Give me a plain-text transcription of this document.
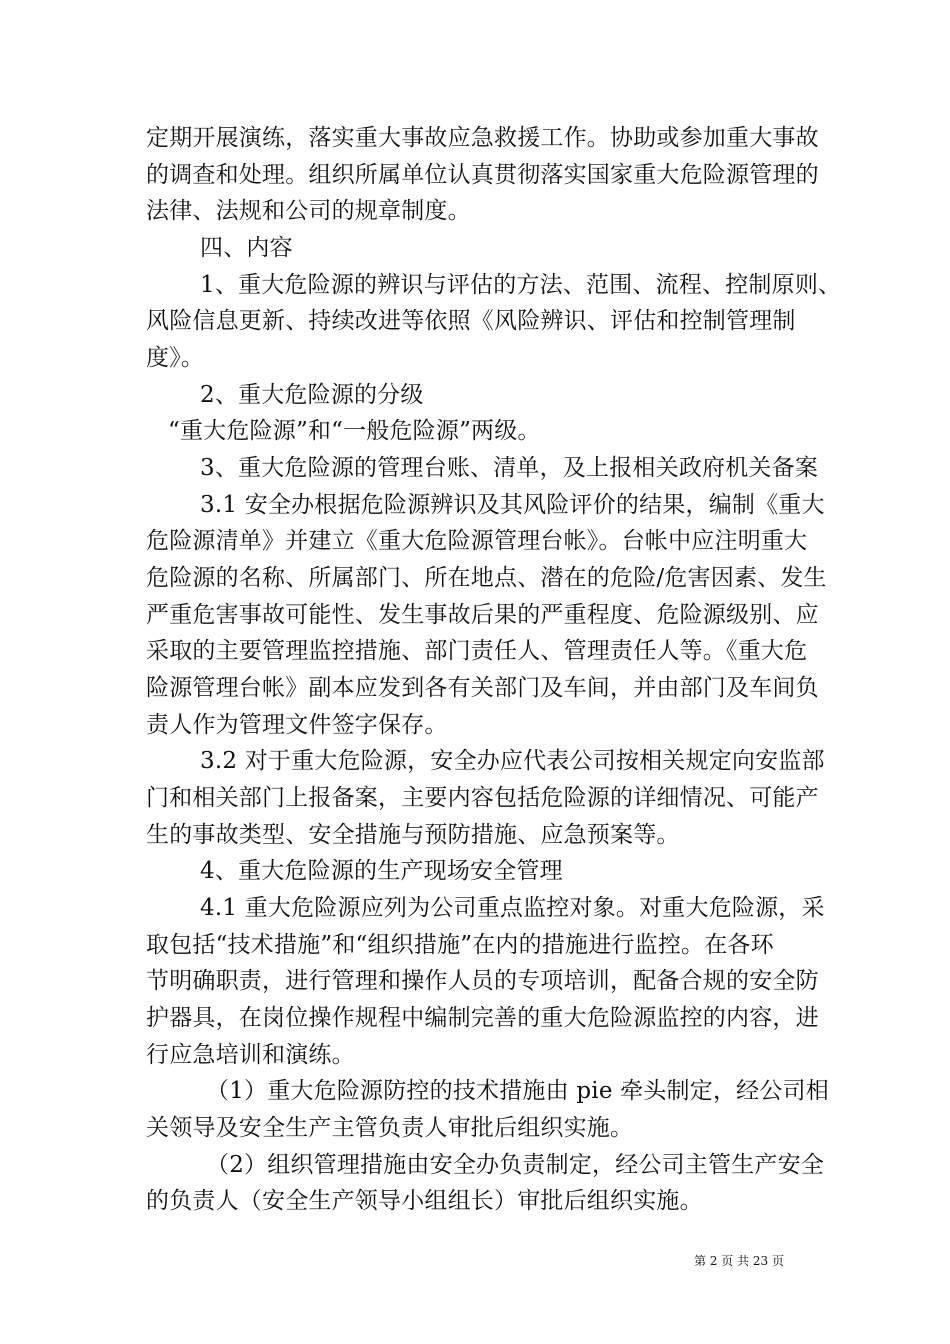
定期开展演练，落实重大事故应急救援工作。协助或参加重大事故
的调查和处理。组织所属单位认真贯彻落实国家重大危险源管理的
法律、法规和公司的规章制度。
四、内容
1、重大危险源的辨识与评估的方法、范围、流程、控制原则、
风险信息更新、持续改进等依照《风险辨识、评估和控制管理制
度》。
2、重大危险源的分级
“重大危险源”和“一般危险源”两级。
3、重大危险源的管理台账、清单，及上报相关政府机关备案
3.1 安全办根据危险源辨识及其风险评价的结果，编制《重大
危险源清单》并建立《重大危险源管理台帐》。台帐中应注明重大
危险源的名称、所属部门、所在地点、潜在的危险/危害因素、发生
严重危害事故可能性、发生事故后果的严重程度、危险源级别、应
采取的主要管理监控措施、部门责任人、管理责任人等。《重大危
险源管理台帐》副本应发到各有关部门及车间，并由部门及车间负
责人作为管理文件签字保存。
3.2 对于重大危险源，安全办应代表公司按相关规定向安监部
门和相关部门上报备案，主要内容包括危险源的详细情况、可能产
生的事故类型、安全措施与预防措施、应急预案等。
4、重大危险源的生产现场安全管理
4.1 重大危险源应列为公司重点监控对象。对重大危险源，采
取包括“技术措施”和“组织措施”在内的措施进行监控。在各环
节明确职责，进行管理和操作人员的专项培训，配备合规的安全防
护器具，在岗位操作规程中编制完善的重大危险源监控的内容，进
行应急培训和演练。
（1）重大危险源防控的技术措施由 pie 牵头制定，经公司相
关领导及安全生产主管负责人审批后组织实施。
（2）组织管理措施由安全办负责制定，经公司主管生产安全
的负责人（安全生产领导小组组长）审批后组织实施。
第 2 页 共 23 页
